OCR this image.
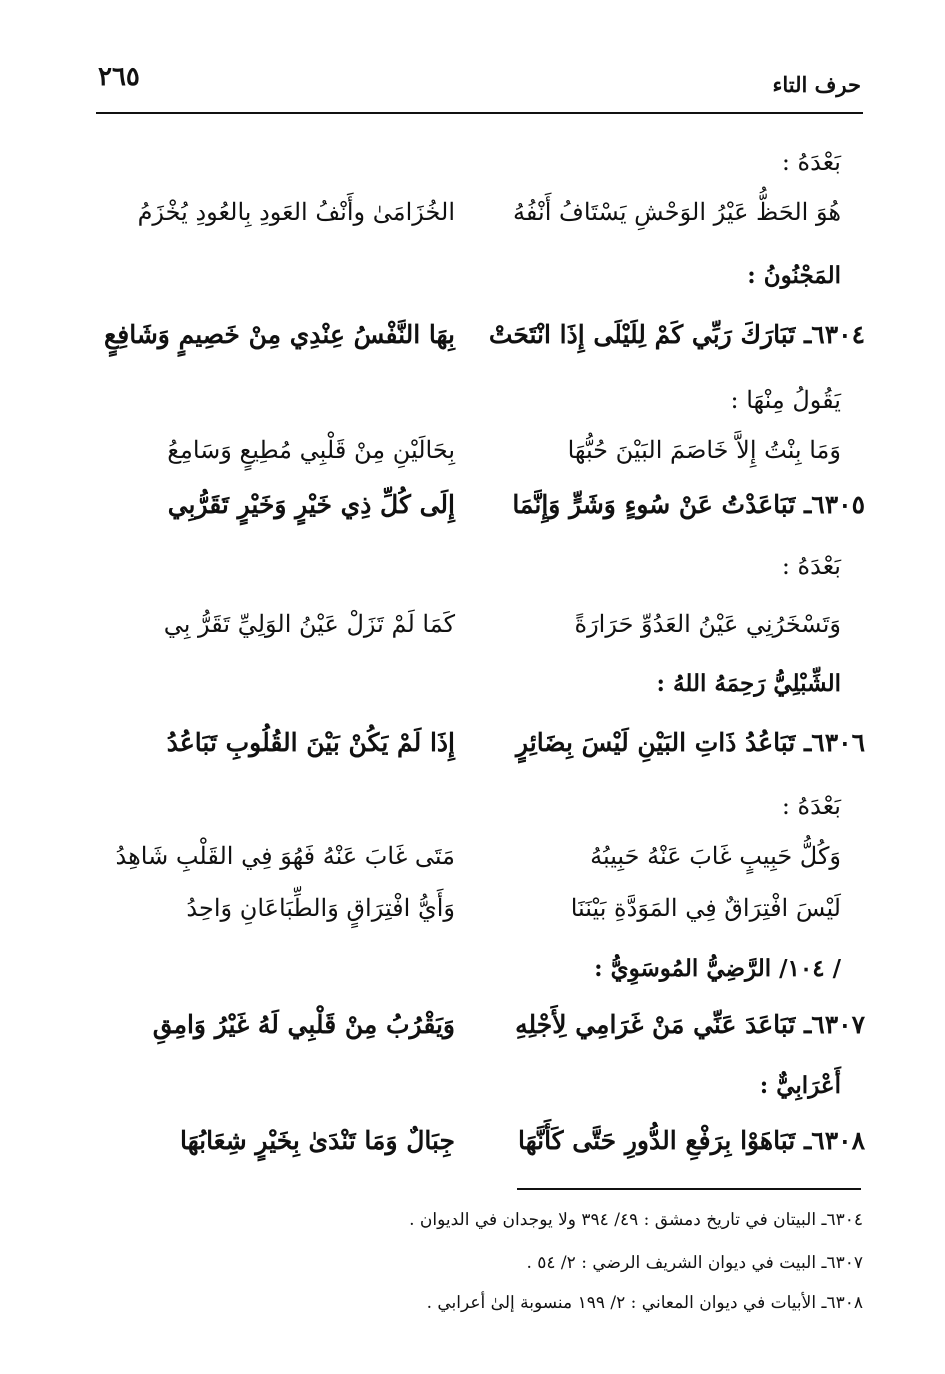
حرف التاء
٢٦٥
بَعْدَهُ :
هُوَ الحَظُّ عَيْرُ الوَحْشِ يَسْتَافُ أَنْفُهُ
الخُزَامَىٰ وأَنْفُ العَودِ بِالعُودِ يُخْزَمُ
المَجْنُونُ :
٦٣٠٤ـ تَبَارَكَ رَبِّي كَمْ لِلَيْلَى إِذَا انْتَحَتْ
بِهَا النَّفْسُ عِنْدِي مِنْ خَصِيمٍ وَشَافِعٍ
يَقُولُ مِنْهَا :
وَمَا بِنْتُ إِلاَّ خَاصَمَ البَيْنَ حُبُّهَا
بِحَالَيْنِ مِنْ قَلْبِي مُطِيعٍ وَسَامِعُ
٦٣٠٥ـ تَبَاعَدْتُ عَنْ سُوءٍ وَشَرٍّ وَإِنَّمَا
إِلَى كُلِّ ذِي خَيْرٍ وَخَيْرٍ تَقَرُّبِي
بَعْدَهُ :
وَتَسْخَرُنِي عَيْنُ العَدُوِّ حَرَارَةً
كَمَا لَمْ تَزَلْ عَيْنُ الوَلِيِّ تَقَرُّ بِي
الشِّبْلِيُّ رَحِمَهُ اللهُ :
٦٣٠٦ـ تَبَاعُدُ ذَاتِ البَيْنِ لَيْسَ بِضَائِرٍ
إِذَا لَمْ يَكُنْ بَيْنَ القُلُوبِ تَبَاعُدُ
بَعْدَهُ :
وَكُلُّ حَبِيبٍ غَابَ عَنْهُ حَبِيبُهُ
مَتَى غَابَ عَنْهُ فَهُوَ فِي القَلْبِ شَاهِدُ
لَيْسَ افْتِرَاقٌ فِي المَوَدَّةِ بَيْنَنَا
وَأَيُّ افْتِرَاقٍ وَالطِّبَاعَانِ وَاحِدُ
/ ١٠٤/ الرَّضِيُّ المُوسَوِيُّ :
٦٣٠٧ـ تَبَاعَدَ عَنِّي مَنْ غَرَامِي لِأَجْلِهِ
وَيَقْرُبُ مِنْ قَلْبِي لَهُ غَيْرُ وَامِقِ
أَعْرَابِيٌّ :
٦٣٠٨ـ تَبَاهَوْا بِرَفْعِ الدُّورِ حَتَّى كَأَنَّهَا
جِبَالٌ وَمَا تَنْدَىٰ بِخَيْرٍ شِعَابُهَا
٦٣٠٤ـ البيتان في تاريخ دمشق : ٤٩/ ٣٩٤ ولا يوجدان في الديوان .
٦٣٠٧ـ البيت في ديوان الشريف الرضي : ٢/ ٥٤ .
٦٣٠٨ـ الأبيات في ديوان المعاني : ٢/ ١٩٩ منسوبة إلىٰ أعرابي .
